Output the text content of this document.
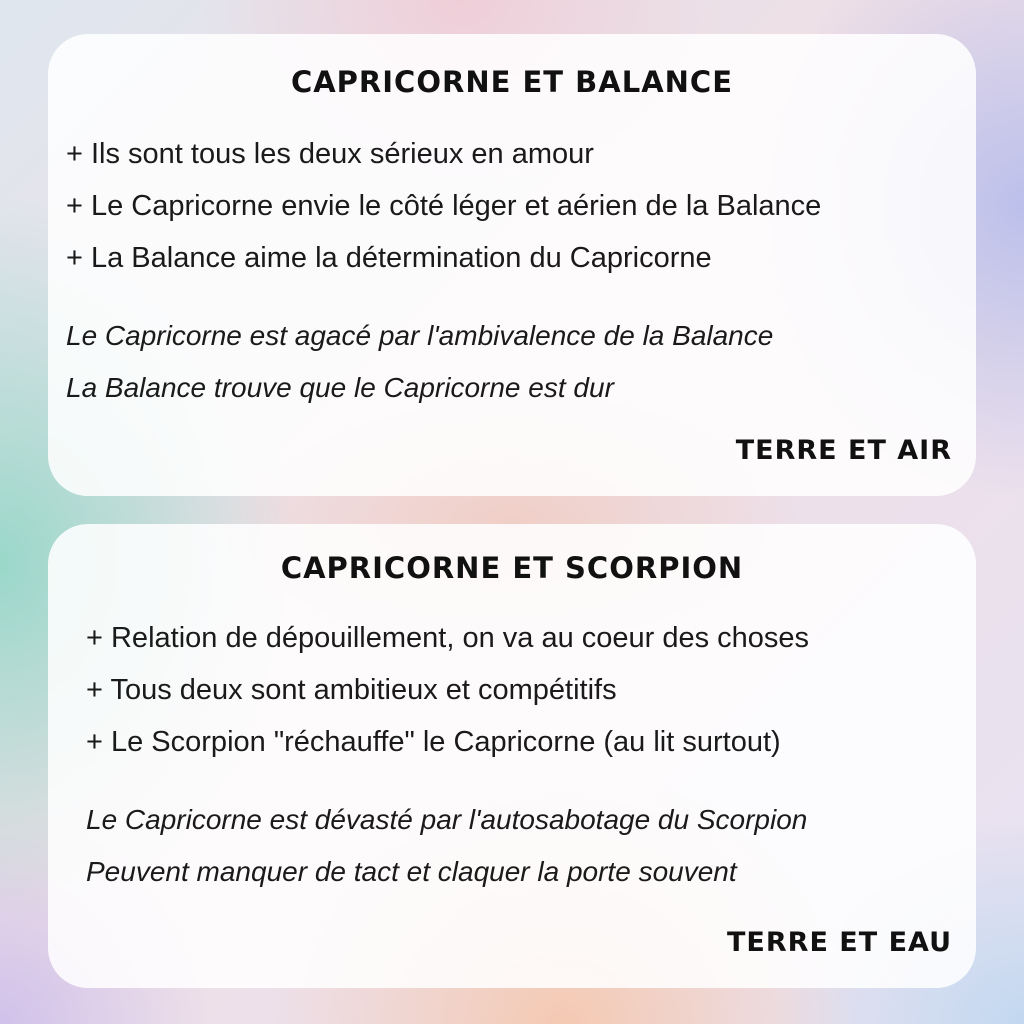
CAPRICORNE ET BALANCE
+ Ils sont tous les deux sérieux en amour
+ Le Capricorne envie le côté léger et aérien de la Balance
+ La Balance aime la détermination du Capricorne
Le Capricorne est agacé par l'ambivalence de la Balance
La Balance trouve que le Capricorne est dur
TERRE ET AIR
CAPRICORNE ET SCORPION
+ Relation de dépouillement, on va au coeur des choses
+ Tous deux sont ambitieux et compétitifs
+ Le Scorpion "réchauffe" le Capricorne (au lit surtout)
Le Capricorne est dévasté par l'autosabotage du Scorpion
Peuvent manquer de tact et claquer la porte souvent
TERRE ET EAU
